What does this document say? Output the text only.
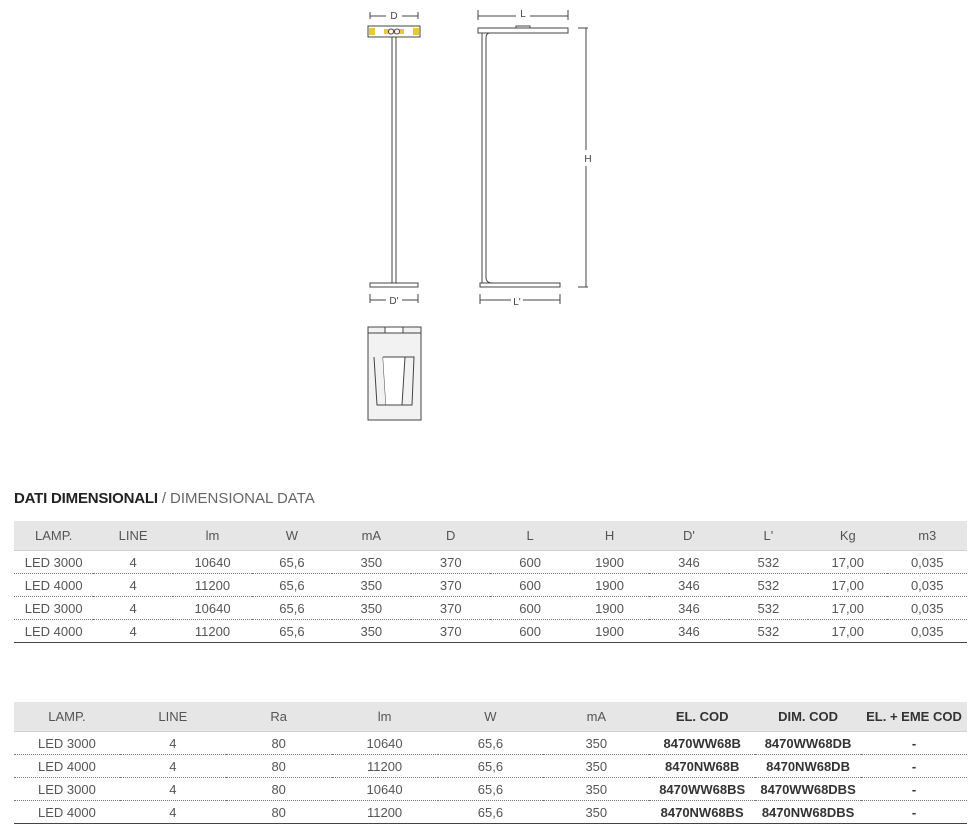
D
D'
L
H
L'
DATI DIMENSIONALI / DIMENSIONAL DATA
LAMP.	LINE	lm	W	mA	D	L	H	D'	L'	Kg	m3
LED 3000	4	10640	65,6	350	370	600	1900	346	532	17,00	0,035
LED 4000	4	11200	65,6	350	370	600	1900	346	532	17,00	0,035
LED 3000	4	10640	65,6	350	370	600	1900	346	532	17,00	0,035
LED 4000	4	11200	65,6	350	370	600	1900	346	532	17,00	0,035
LAMP.	LINE	Ra	lm	W	mA	EL. COD	DIM. COD	EL. + EME COD
LED 3000	4	80	10640	65,6	350	8470WW68B	8470WW68DB	-
LED 4000	4	80	11200	65,6	350	8470NW68B	8470NW68DB	-
LED 3000	4	80	10640	65,6	350	8470WW68BS	8470WW68DBS	-
LED 4000	4	80	11200	65,6	350	8470NW68BS	8470NW68DBS	-
